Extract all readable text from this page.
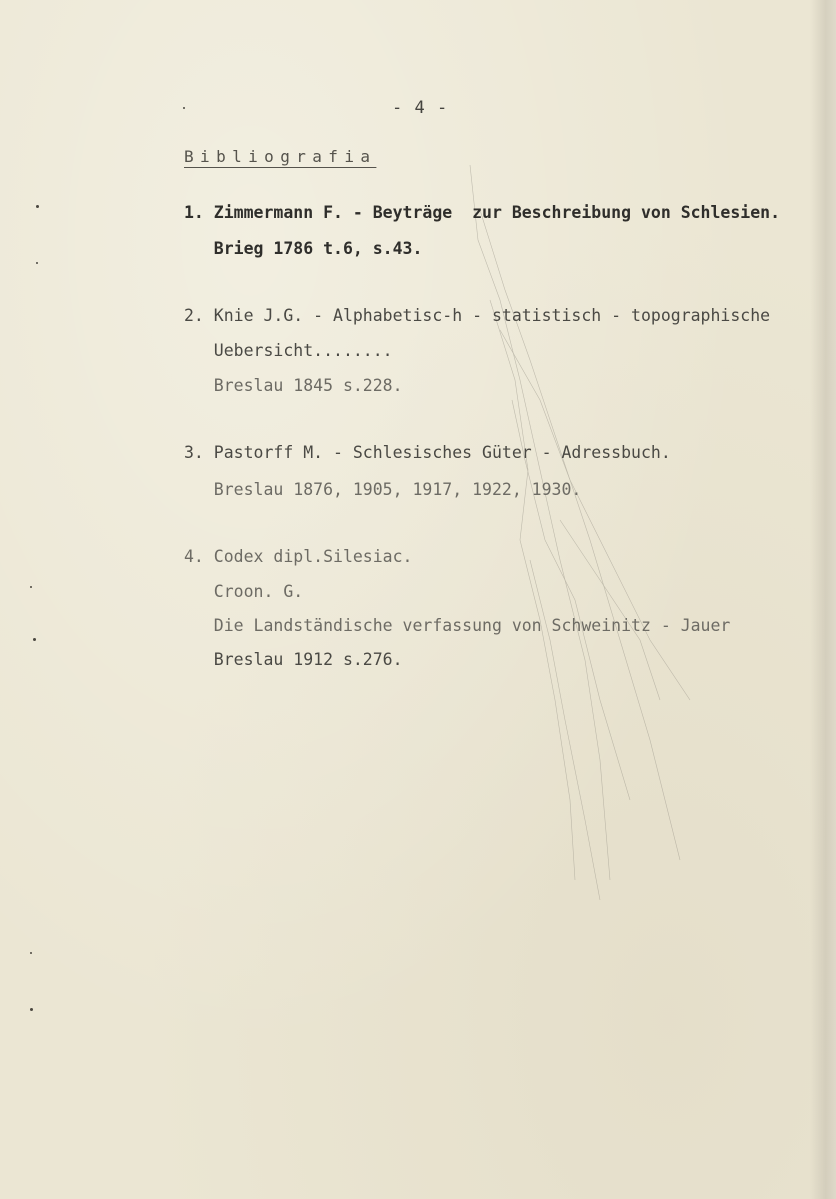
- 4 -
Bibliografia
1. Zimmermann F. - Beyträge  zur Beschreibung von Schlesien.
Brieg 1786 t.6, s.43.
2. Knie J.G. - Alphabetisc-h - statistisch - topographische
Uebersicht........
Breslau 1845 s.228.
3. Pastorff M. - Schlesisches Güter - Adressbuch.
Breslau 1876, 1905, 1917, 1922, 1930.
4. Codex dipl.Silesiac.
Croon. G.
Die Landständische verfassung von Schweinitz - Jauer
Breslau 1912 s.276.
